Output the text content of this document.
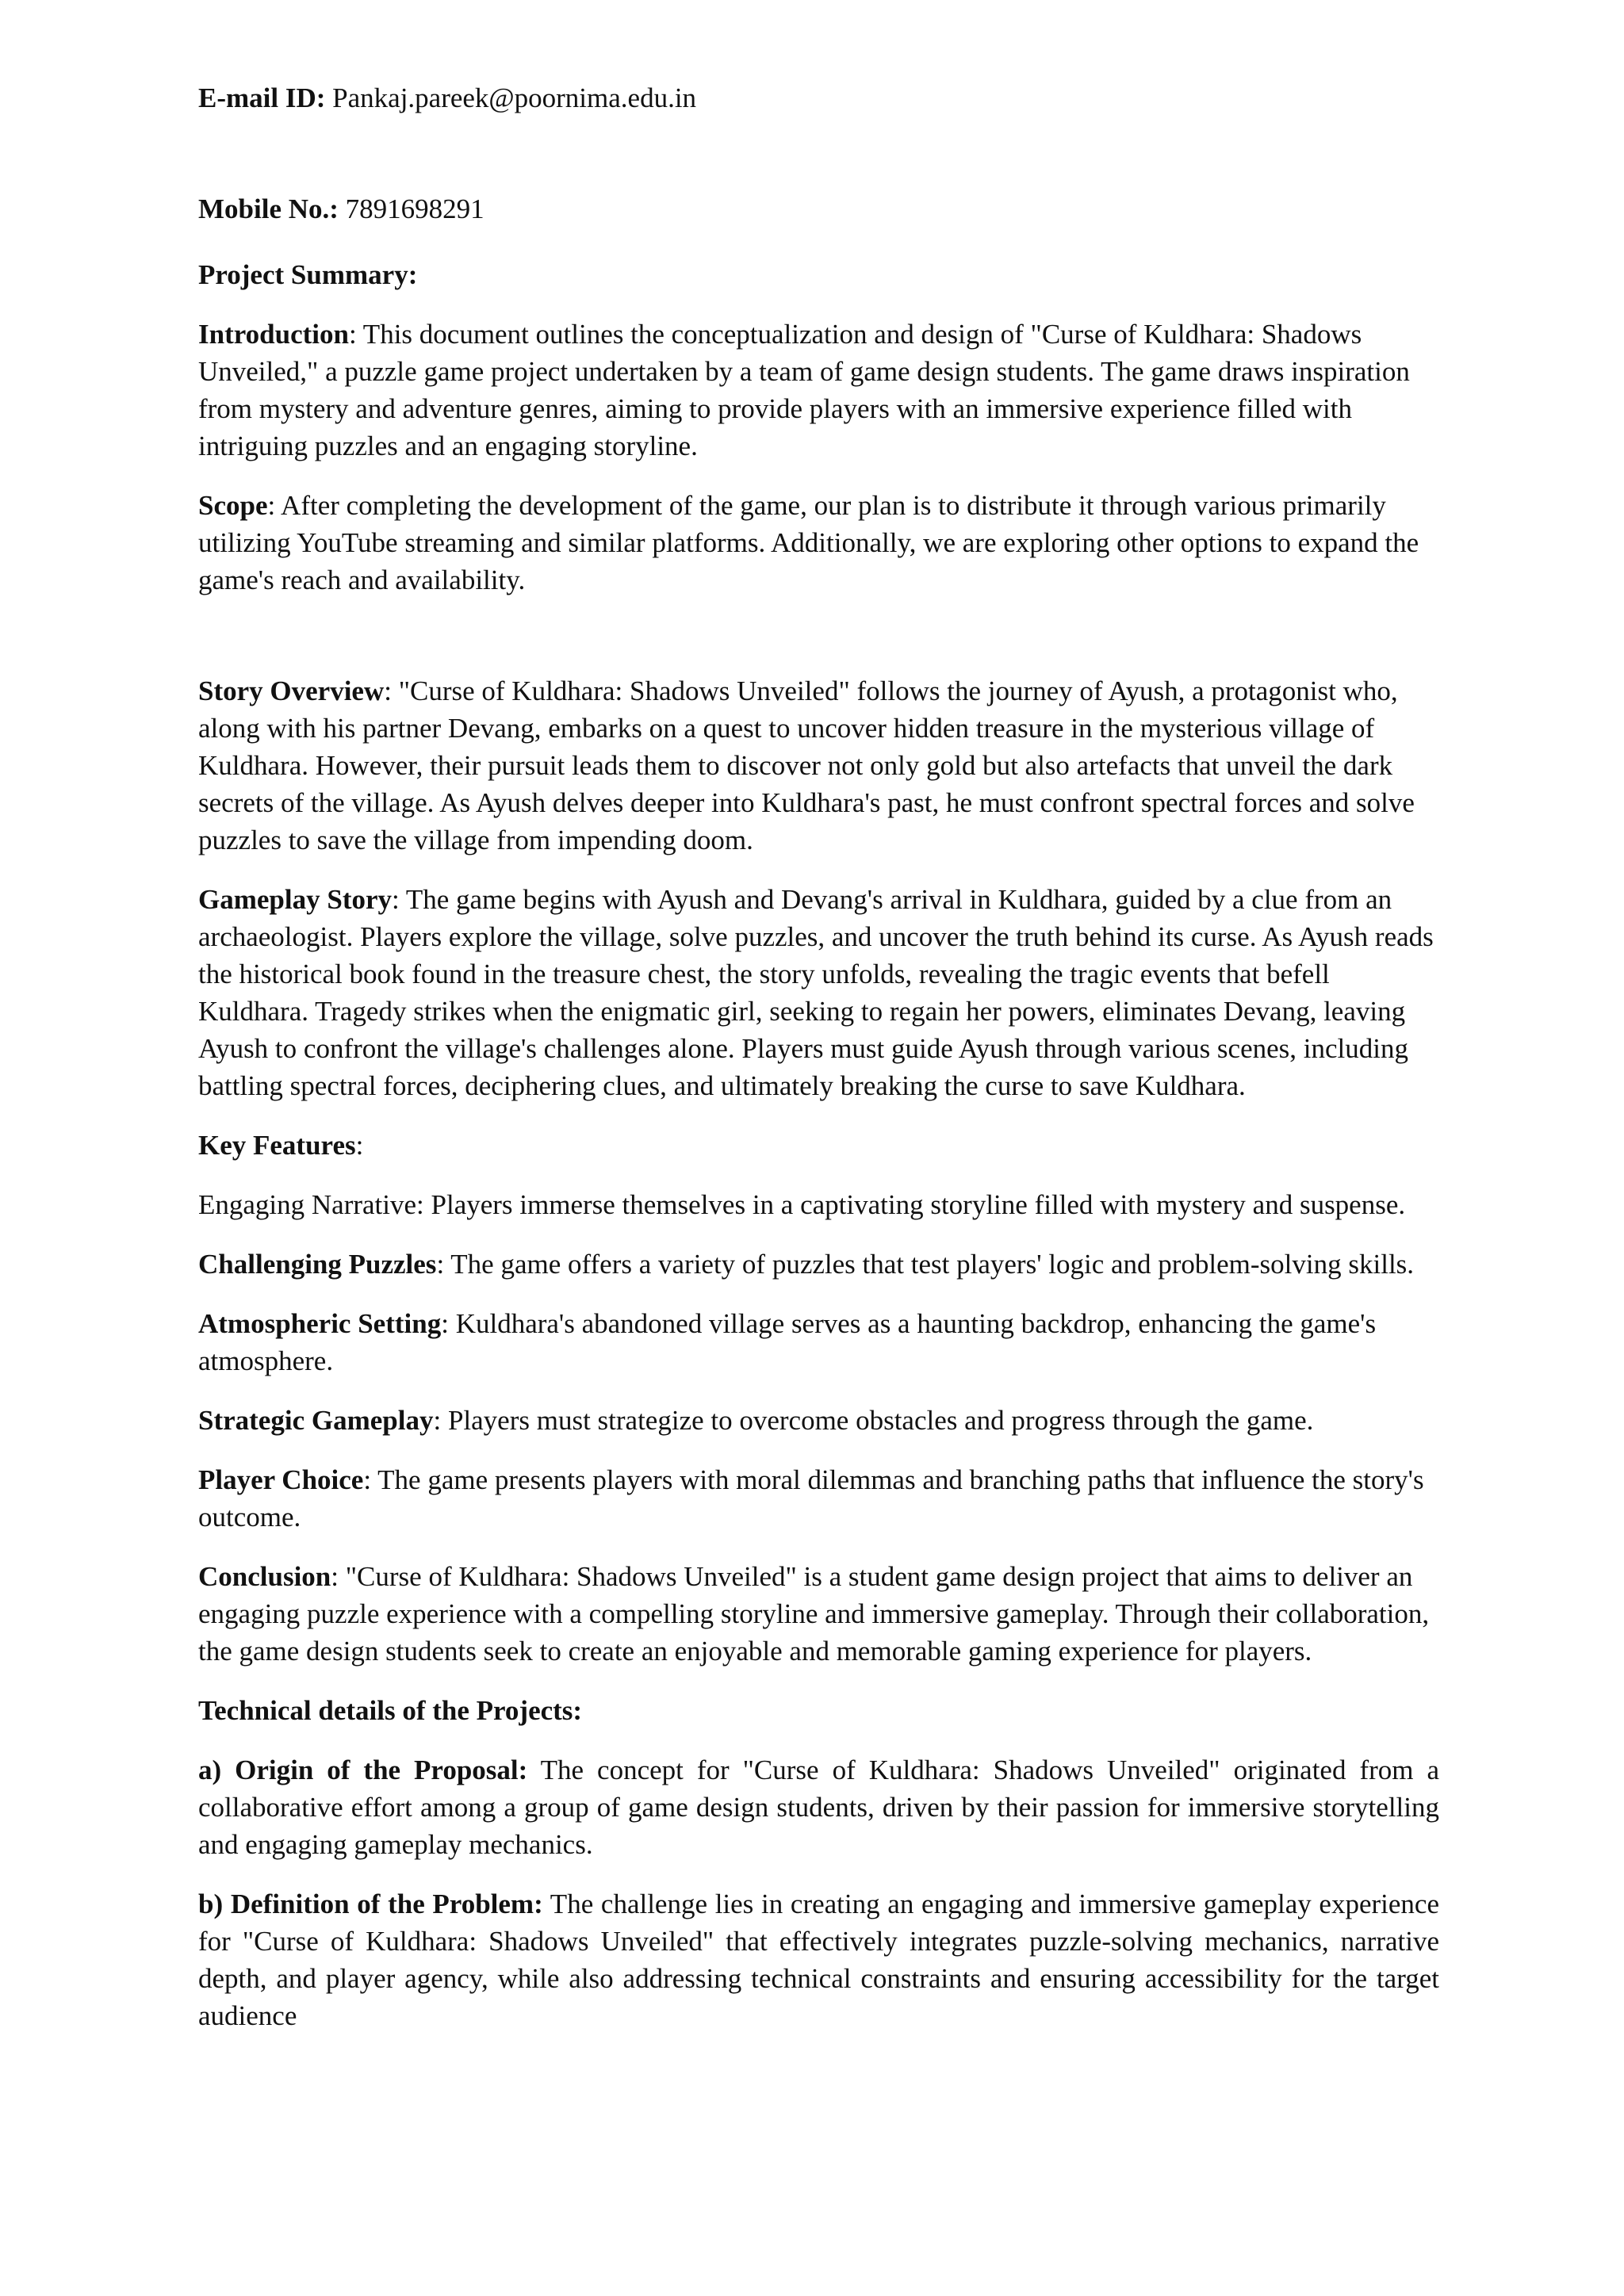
E-mail ID: Pankaj.pareek@poornima.edu.in

Mobile No.: 7891698291

Project Summary:

Introduction: This document outlines the conceptualization and design of "Curse of Kuldhara: Shadows Unveiled," a puzzle game project undertaken by a team of game design students. The game draws inspiration from mystery and adventure genres, aiming to provide players with an immersive experience filled with intriguing puzzles and an engaging storyline.

Scope: After completing the development of the game, our plan is to distribute it through various primarily utilizing YouTube streaming and similar platforms. Additionally, we are exploring other options to expand the game's reach and availability.

Story Overview: "Curse of Kuldhara: Shadows Unveiled" follows the journey of Ayush, a protagonist who, along with his partner Devang, embarks on a quest to uncover hidden treasure in the mysterious village of Kuldhara. However, their pursuit leads them to discover not only gold but also artefacts that unveil the dark secrets of the village. As Ayush delves deeper into Kuldhara's past, he must confront spectral forces and solve puzzles to save the village from impending doom.

Gameplay Story: The game begins with Ayush and Devang's arrival in Kuldhara, guided by a clue from an archaeologist. Players explore the village, solve puzzles, and uncover the truth behind its curse. As Ayush reads the historical book found in the treasure chest, the story unfolds, revealing the tragic events that befell Kuldhara. Tragedy strikes when the enigmatic girl, seeking to regain her powers, eliminates Devang, leaving Ayush to confront the village's challenges alone. Players must guide Ayush through various scenes, including battling spectral forces, deciphering clues, and ultimately breaking the curse to save Kuldhara.

Key Features:

Engaging Narrative: Players immerse themselves in a captivating storyline filled with mystery and suspense.

Challenging Puzzles: The game offers a variety of puzzles that test players' logic and problem-solving skills.

Atmospheric Setting: Kuldhara's abandoned village serves as a haunting backdrop, enhancing the game's atmosphere.

Strategic Gameplay: Players must strategize to overcome obstacles and progress through the game.

Player Choice: The game presents players with moral dilemmas and branching paths that influence the story's outcome.

Conclusion: "Curse of Kuldhara: Shadows Unveiled" is a student game design project that aims to deliver an engaging puzzle experience with a compelling storyline and immersive gameplay. Through their collaboration, the game design students seek to create an enjoyable and memorable gaming experience for players.

Technical details of the Projects:

a) Origin of the Proposal: The concept for "Curse of Kuldhara: Shadows Unveiled" originated from a collaborative effort among a group of game design students, driven by their passion for immersive storytelling and engaging gameplay mechanics.

b) Definition of the Problem: The challenge lies in creating an engaging and immersive gameplay experience for "Curse of Kuldhara: Shadows Unveiled" that effectively integrates puzzle-solving mechanics, narrative depth, and player agency, while also addressing technical constraints and ensuring accessibility for the target audience
